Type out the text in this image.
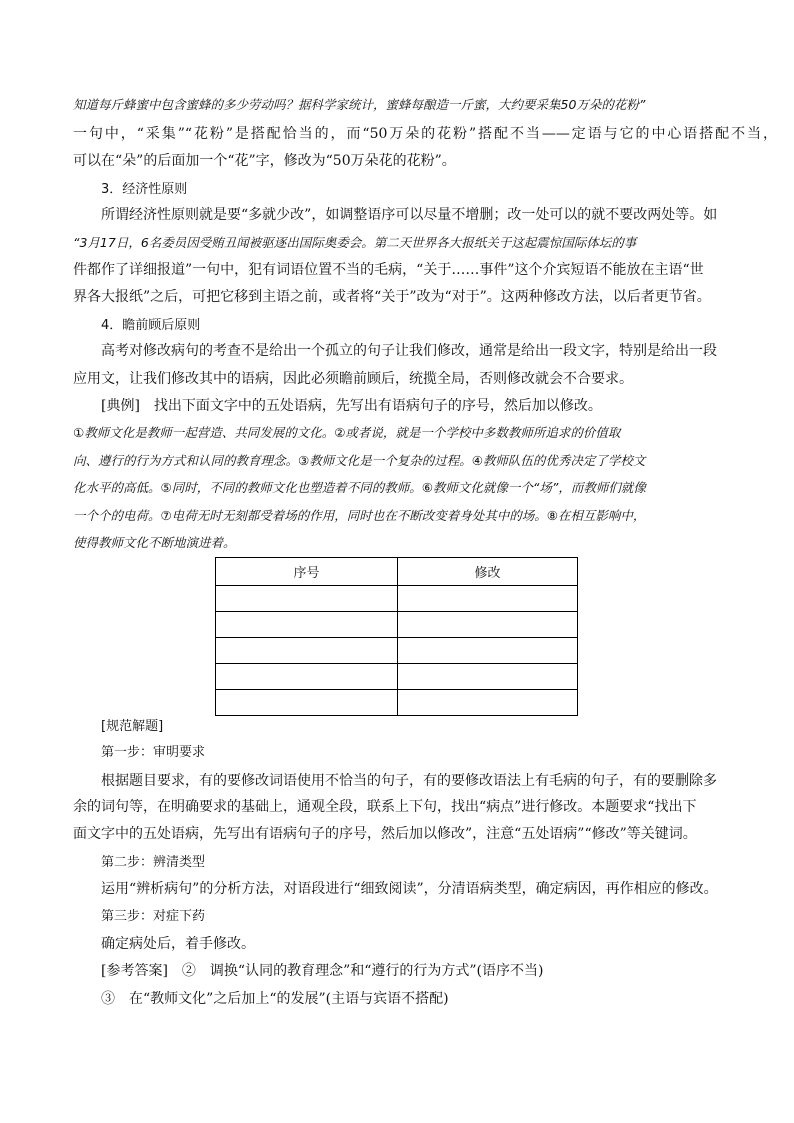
知道每斤蜂蜜中包含蜜蜂的多少劳动吗？据科学家统计，蜜蜂每酿造一斤蜜，大约要采集50万朵的花粉”
一句中，“采集”“花粉”是搭配恰当的，而“50万朵的花粉”搭配不当——定语与它的中心语搭配不当，
可以在“朵”的后面加一个“花”字，修改为“50万朵花的花粉”。
3．经济性原则
所谓经济性原则就是要“多就少改”，如调整语序可以尽量不增删；改一处可以的就不要改两处等。如
“3月17日，6名委员因受贿丑闻被驱逐出国际奥委会。第二天世界各大报纸关于这起震惊国际体坛的事
件都作了详细报道”一句中，犯有词语位置不当的毛病，“关于……事件”这个介宾短语不能放在主语“世
界各大报纸”之后，可把它移到主语之前，或者将“关于”改为“对于”。这两种修改方法，以后者更节省。
4．瞻前顾后原则
高考对修改病句的考查不是给出一个孤立的句子让我们修改，通常是给出一段文字，特别是给出一段
应用文，让我们修改其中的语病，因此必须瞻前顾后，统揽全局，否则修改就会不合要求。
[典例]　找出下面文字中的五处语病，先写出有语病句子的序号，然后加以修改。
①教师文化是教师一起营造、共同发展的文化。②或者说，就是一个学校中多数教师所追求的价值取
向、遵行的行为方式和认同的教育理念。③教师文化是一个复杂的过程。④教师队伍的优秀决定了学校文
化水平的高低。⑤同时，不同的教师文化也塑造着不同的教师。⑥教师文化就像一个“场”，而教师们就像
一个个的电荷。⑦电荷无时无刻都受着场的作用，同时也在不断改变着身处其中的场。⑧在相互影响中，
使得教师文化不断地演进着。
序号	修改

[规范解题]
第一步：审明要求
根据题目要求，有的要修改词语使用不恰当的句子，有的要修改语法上有毛病的句子，有的要删除多
余的词句等，在明确要求的基础上，通观全段，联系上下句，找出“病点”进行修改。本题要求“找出下
面文字中的五处语病，先写出有语病句子的序号，然后加以修改”，注意“五处语病”“修改”等关键词。
第二步：辨清类型
运用“辨析病句”的分析方法，对语段进行“细致阅读”，分清语病类型，确定病因，再作相应的修改。
第三步：对症下药
确定病处后，着手修改。
[参考答案]　②　调换“认同的教育理念”和“遵行的行为方式”(语序不当)
③　在“教师文化”之后加上“的发展”(主语与宾语不搭配)
